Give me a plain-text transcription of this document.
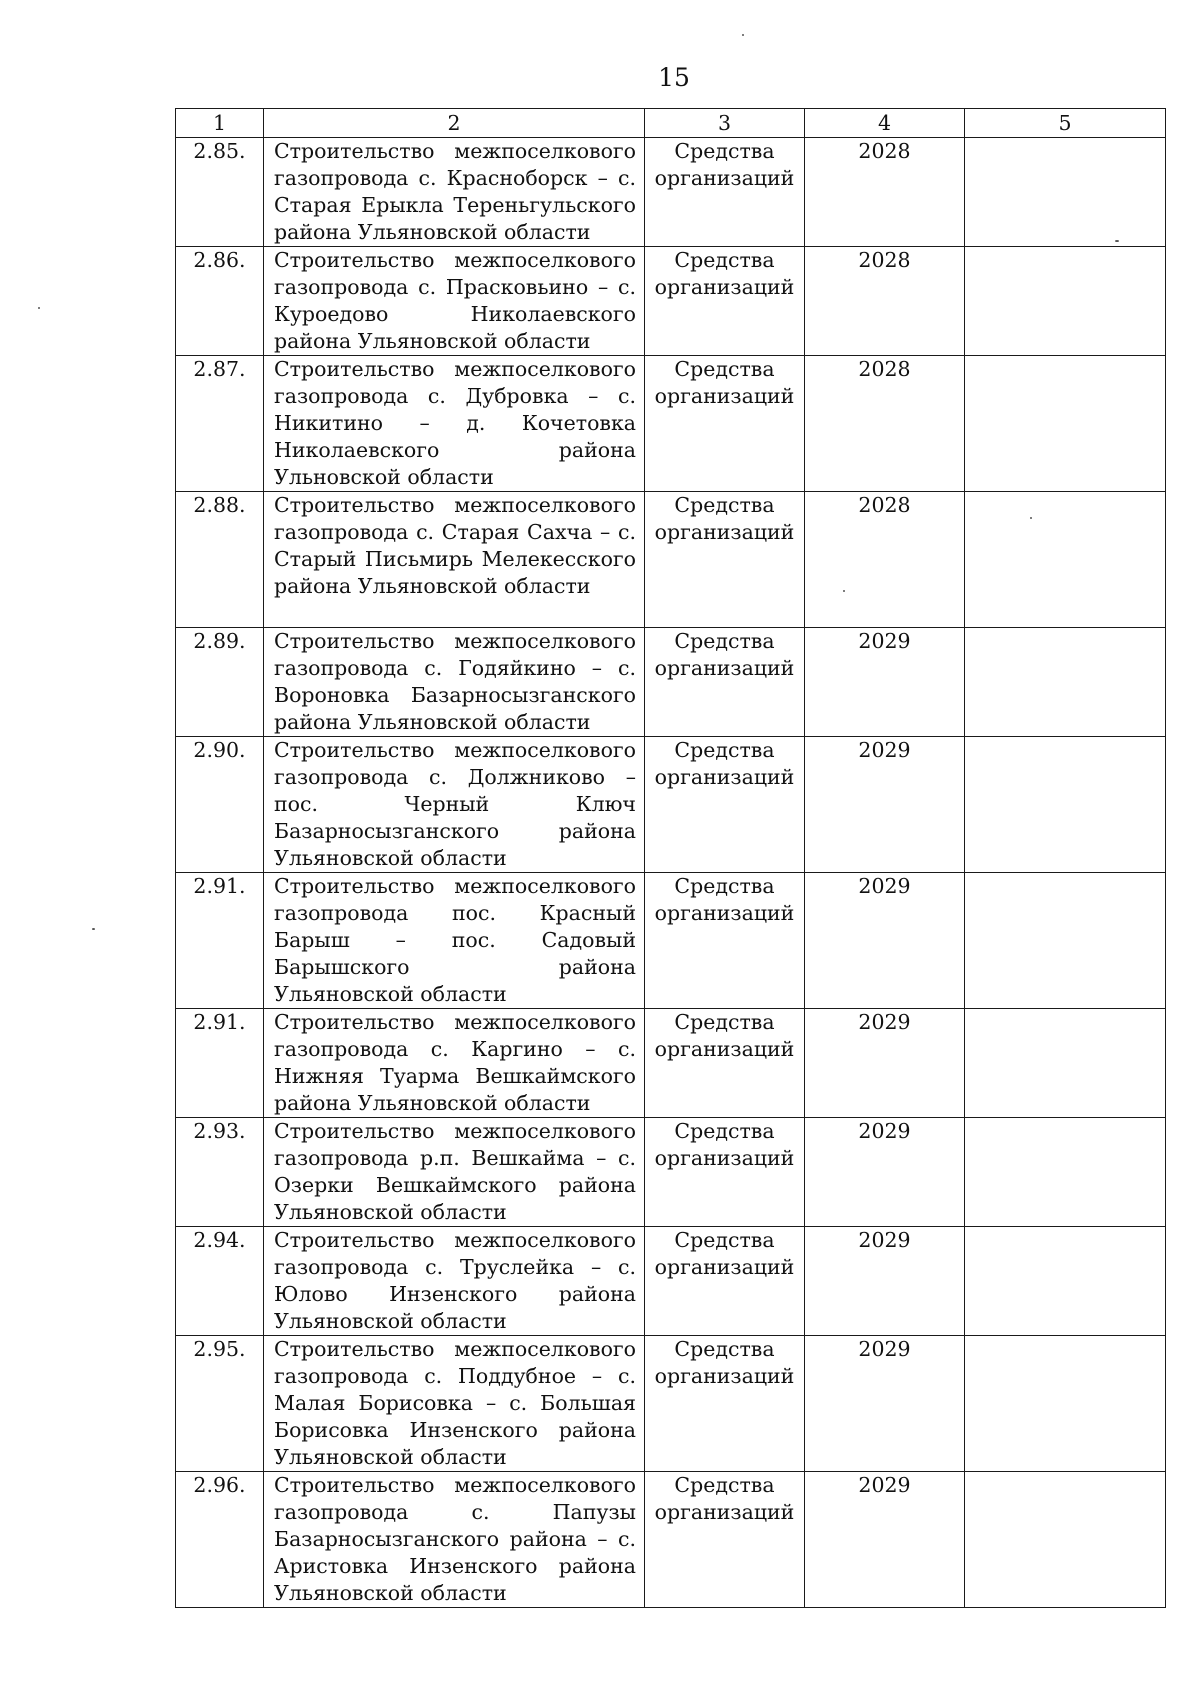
15
1	2	3	4	5
2.85.	Строительство межпоселкового газопровода с. Красноборск – с. Старая Ерыкла Тереньгульского района Ульяновской области	Средства организаций	2028	
2.86.	Строительство межпоселкового газопровода с. Прасковьино – с. Куроедово Николаевского района Ульяновской области	Средства организаций	2028	
2.87.	Строительство межпоселкового газопровода с. Дубровка – с. Никитино – д. Кочетовка Николаевского района Ульновской области	Средства организаций	2028	
2.88.	Строительство межпоселкового газопровода с. Старая Сахча – с. Старый Письмирь Мелекесского района Ульяновской области	Средства организаций	2028	
2.89.	Строительство межпоселкового газопровода с. Годяйкино – с. Вороновка Базарносызганского района Ульяновской области	Средства организаций	2029	
2.90.	Строительство межпоселкового газопровода с. Должниково – пос. Черный Ключ Базарносызганского района Ульяновской области	Средства организаций	2029	
2.91.	Строительство межпоселкового газопровода пос. Красный Барыш – пос. Садовый Барышского района Ульяновской области	Средства организаций	2029	
2.91.	Строительство межпоселкового газопровода с. Каргино – с. Нижняя Туарма Вешкаймского района Ульяновской области	Средства организаций	2029	
2.93.	Строительство межпоселкового газопровода р.п. Вешкайма – с. Озерки Вешкаймского района Ульяновской области	Средства организаций	2029	
2.94.	Строительство межпоселкового газопровода с. Труслейка – с. Юлово Инзенского района Ульяновской области	Средства организаций	2029	
2.95.	Строительство межпоселкового газопровода с. Поддубное – с. Малая Борисовка – с. Большая Борисовка Инзенского района Ульяновской области	Средства организаций	2029	
2.96.	Строительство межпоселкового газопровода с. Папузы Базарносызганского района – с. Аристовка Инзенского района Ульяновской области	Средства организаций	2029	
